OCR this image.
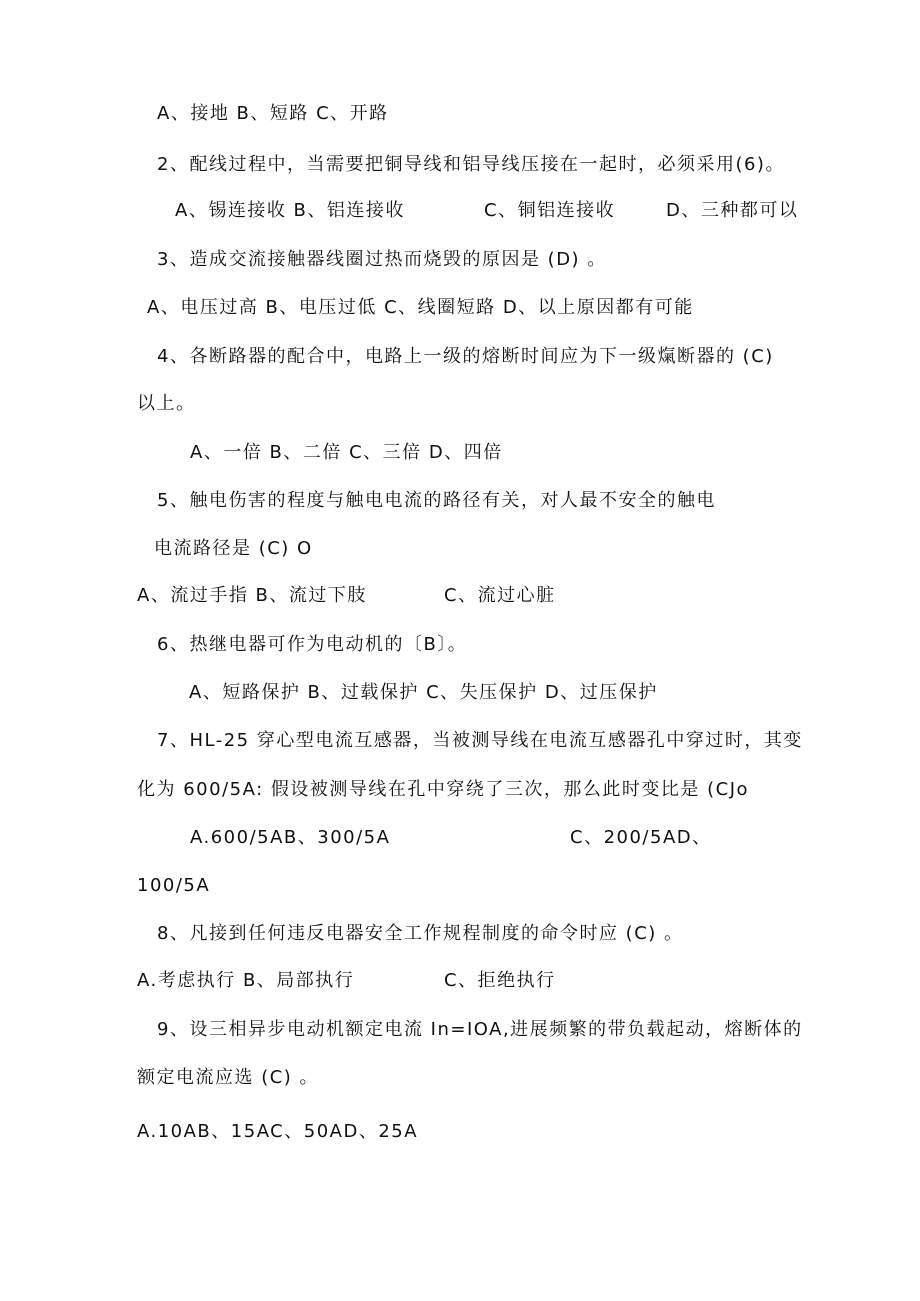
A、接地 B、短路 C、开路
2、配线过程中，当需要把铜导线和铝导线压接在一起时，必须采用(6)。
A、锡连接收 B、铝连接收	C、铜铝连接收	D、三种都可以
3、造成交流接触器线圈过热而烧毁的原因是 (D) 。
A、电压过高 B、电压过低 C、线圈短路 D、以上原因都有可能
4、各断路器的配合中，电路上一级的熔断时间应为下一级熂断器的 (C)
以上。
A、一倍 B、二倍 C、三倍 D、四倍
5、触电伤害的程度与触电电流的路径有关，对人最不安全的触电
电流路径是 (C) O
A、流过手指 B、流过下肢	C、流过心脏
6、热继电器可作为电动机的〔B〕。
A、短路保护 B、过载保护 C、失压保护 D、过压保护
7、HL-25 穿心型电流互感器，当被测导线在电流互感器孔中穿过时，其变
化为 600/5A: 假设被测导线在孔中穿绕了三次，那么此时变比是 (CJo
A.600/5AB、300/5A	C、200/5AD、
100/5A
8、凡接到任何违反电器安全工作规程制度的命令时应 (C) 。
A.考虑执行 B、局部执行	C、拒绝执行
9、设三相异步电动机额定电流 In=IOA,进展频繁的带负载起动，熔断体的
额定电流应选 (C) 。
A.10AB、15AC、50AD、25A
